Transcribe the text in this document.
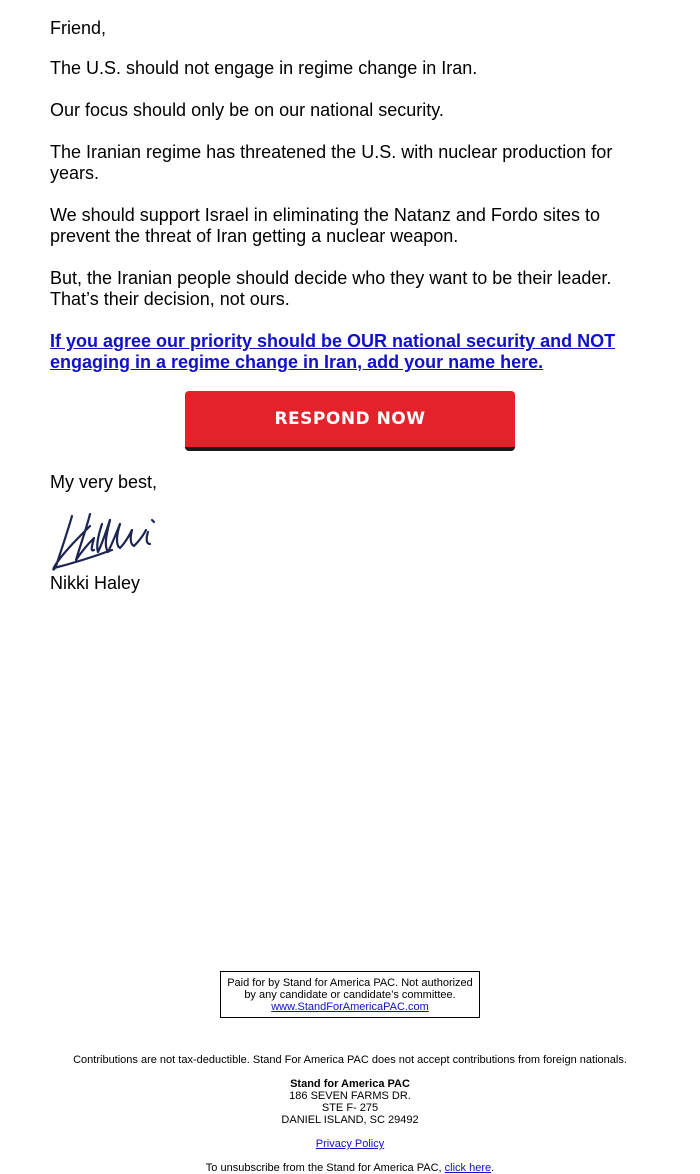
Friend,

The U.S. should not engage in regime change in Iran.

Our focus should only be on our national security.

The Iranian regime has threatened the U.S. with nuclear production for years.

We should support Israel in eliminating the Natanz and Fordo sites to prevent the threat of Iran getting a nuclear weapon.

But, the Iranian people should decide who they want to be their leader. That’s their decision, not ours.

If you agree our priority should be OUR national security and NOT engaging in a regime change in Iran, add your name here.

RESPOND NOW

My very best,

Nikki Haley

Paid for by Stand for America PAC. Not authorized
by any candidate or candidate’s committee.
www.StandForAmericaPAC.com
Contributions are not tax-deductible. Stand For America PAC does not accept contributions from foreign nationals.
Stand for America PAC
186 SEVEN FARMS DR.
STE F- 275
DANIEL ISLAND, SC 29492
Privacy Policy
To unsubscribe from the Stand for America PAC, click here.
